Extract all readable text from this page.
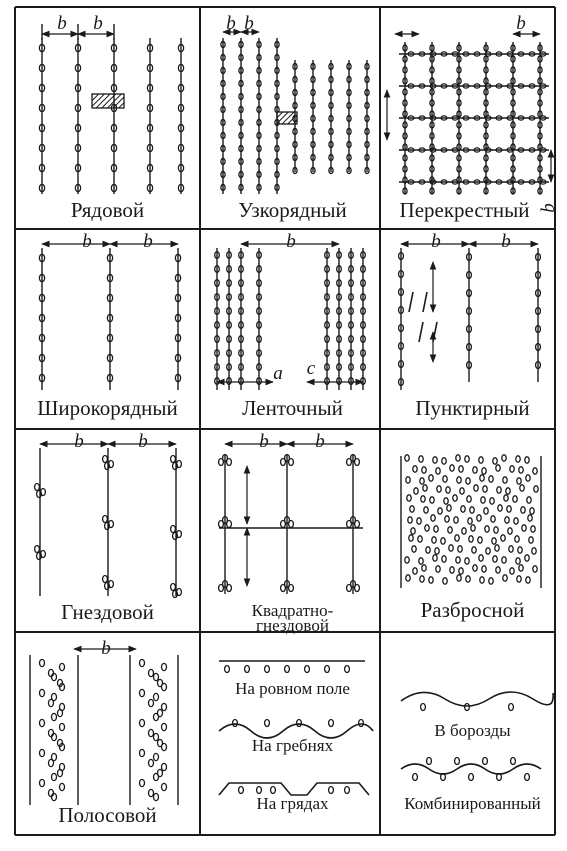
b b
Рядовой
b b
Узкорядный
b
Перекрестный b
b	b
Широкорядный
b
a	c
Ленточный
b	b
Пунктирный
b	b
Гнездовой
b b
Квадратно-
гнездовой
Разбросной
b
Полосовой
На ровном поле
На гребнях
На грядах
В борозды
Комбинированный
